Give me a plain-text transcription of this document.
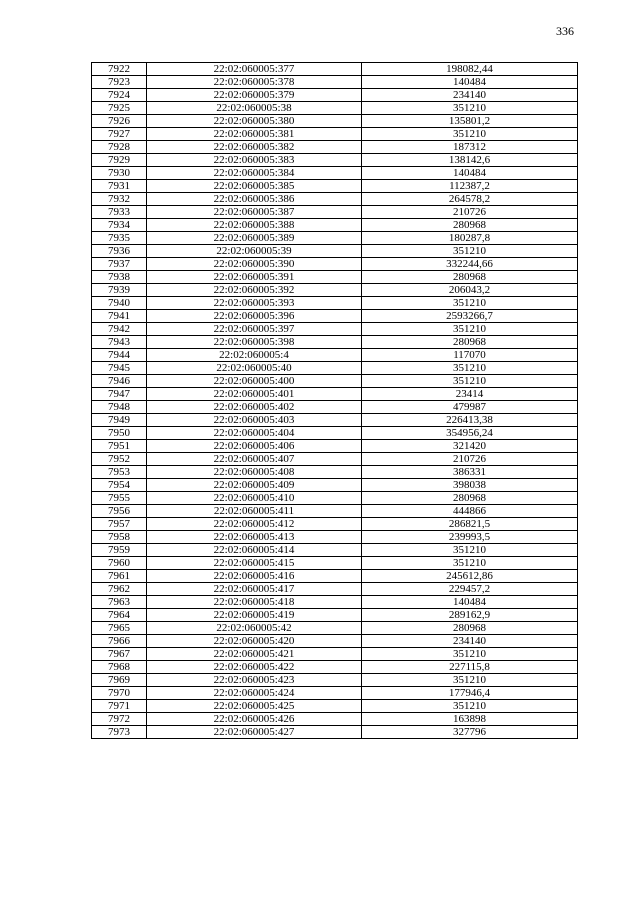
336
7922	22:02:060005:377	198082,44
7923	22:02:060005:378	140484
7924	22:02:060005:379	234140
7925	22:02:060005:38	351210
7926	22:02:060005:380	135801,2
7927	22:02:060005:381	351210
7928	22:02:060005:382	187312
7929	22:02:060005:383	138142,6
7930	22:02:060005:384	140484
7931	22:02:060005:385	112387,2
7932	22:02:060005:386	264578,2
7933	22:02:060005:387	210726
7934	22:02:060005:388	280968
7935	22:02:060005:389	180287,8
7936	22:02:060005:39	351210
7937	22:02:060005:390	332244,66
7938	22:02:060005:391	280968
7939	22:02:060005:392	206043,2
7940	22:02:060005:393	351210
7941	22:02:060005:396	2593266,7
7942	22:02:060005:397	351210
7943	22:02:060005:398	280968
7944	22:02:060005:4	117070
7945	22:02:060005:40	351210
7946	22:02:060005:400	351210
7947	22:02:060005:401	23414
7948	22:02:060005:402	479987
7949	22:02:060005:403	226413,38
7950	22:02:060005:404	354956,24
7951	22:02:060005:406	321420
7952	22:02:060005:407	210726
7953	22:02:060005:408	386331
7954	22:02:060005:409	398038
7955	22:02:060005:410	280968
7956	22:02:060005:411	444866
7957	22:02:060005:412	286821,5
7958	22:02:060005:413	239993,5
7959	22:02:060005:414	351210
7960	22:02:060005:415	351210
7961	22:02:060005:416	245612,86
7962	22:02:060005:417	229457,2
7963	22:02:060005:418	140484
7964	22:02:060005:419	289162,9
7965	22:02:060005:42	280968
7966	22:02:060005:420	234140
7967	22:02:060005:421	351210
7968	22:02:060005:422	227115,8
7969	22:02:060005:423	351210
7970	22:02:060005:424	177946,4
7971	22:02:060005:425	351210
7972	22:02:060005:426	163898
7973	22:02:060005:427	327796
